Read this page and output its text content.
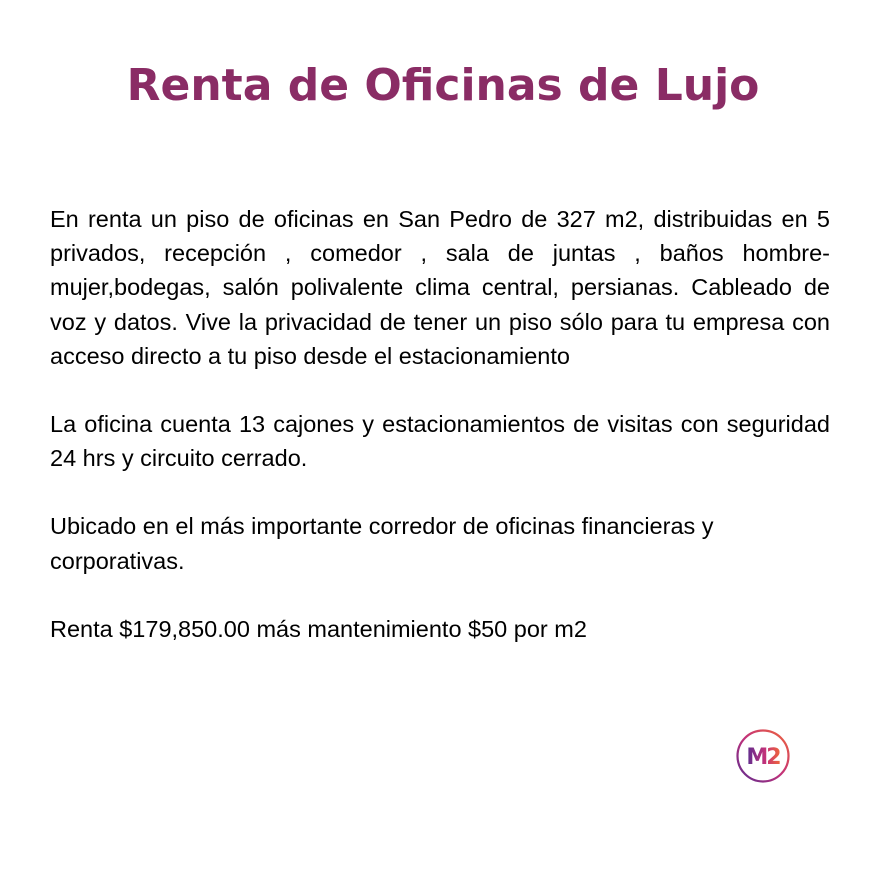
Renta de Oficinas de Lujo

En renta un piso de oficinas en San Pedro de 327 m2, distribuidas en 5 privados, recepción , comedor , sala de juntas , baños hombre-mujer,bodegas, salón polivalente clima central, persianas. Cableado de voz y datos. Vive la privacidad de tener un piso sólo para tu empresa con acceso directo a tu piso desde el estacionamiento

La oficina cuenta 13 cajones y estacionamientos de visitas con seguridad 24 hrs y circuito cerrado.

Ubicado en el más importante corredor de oficinas financieras y corporativas.

Renta $179,850.00 más mantenimiento $50 por m2

M2
